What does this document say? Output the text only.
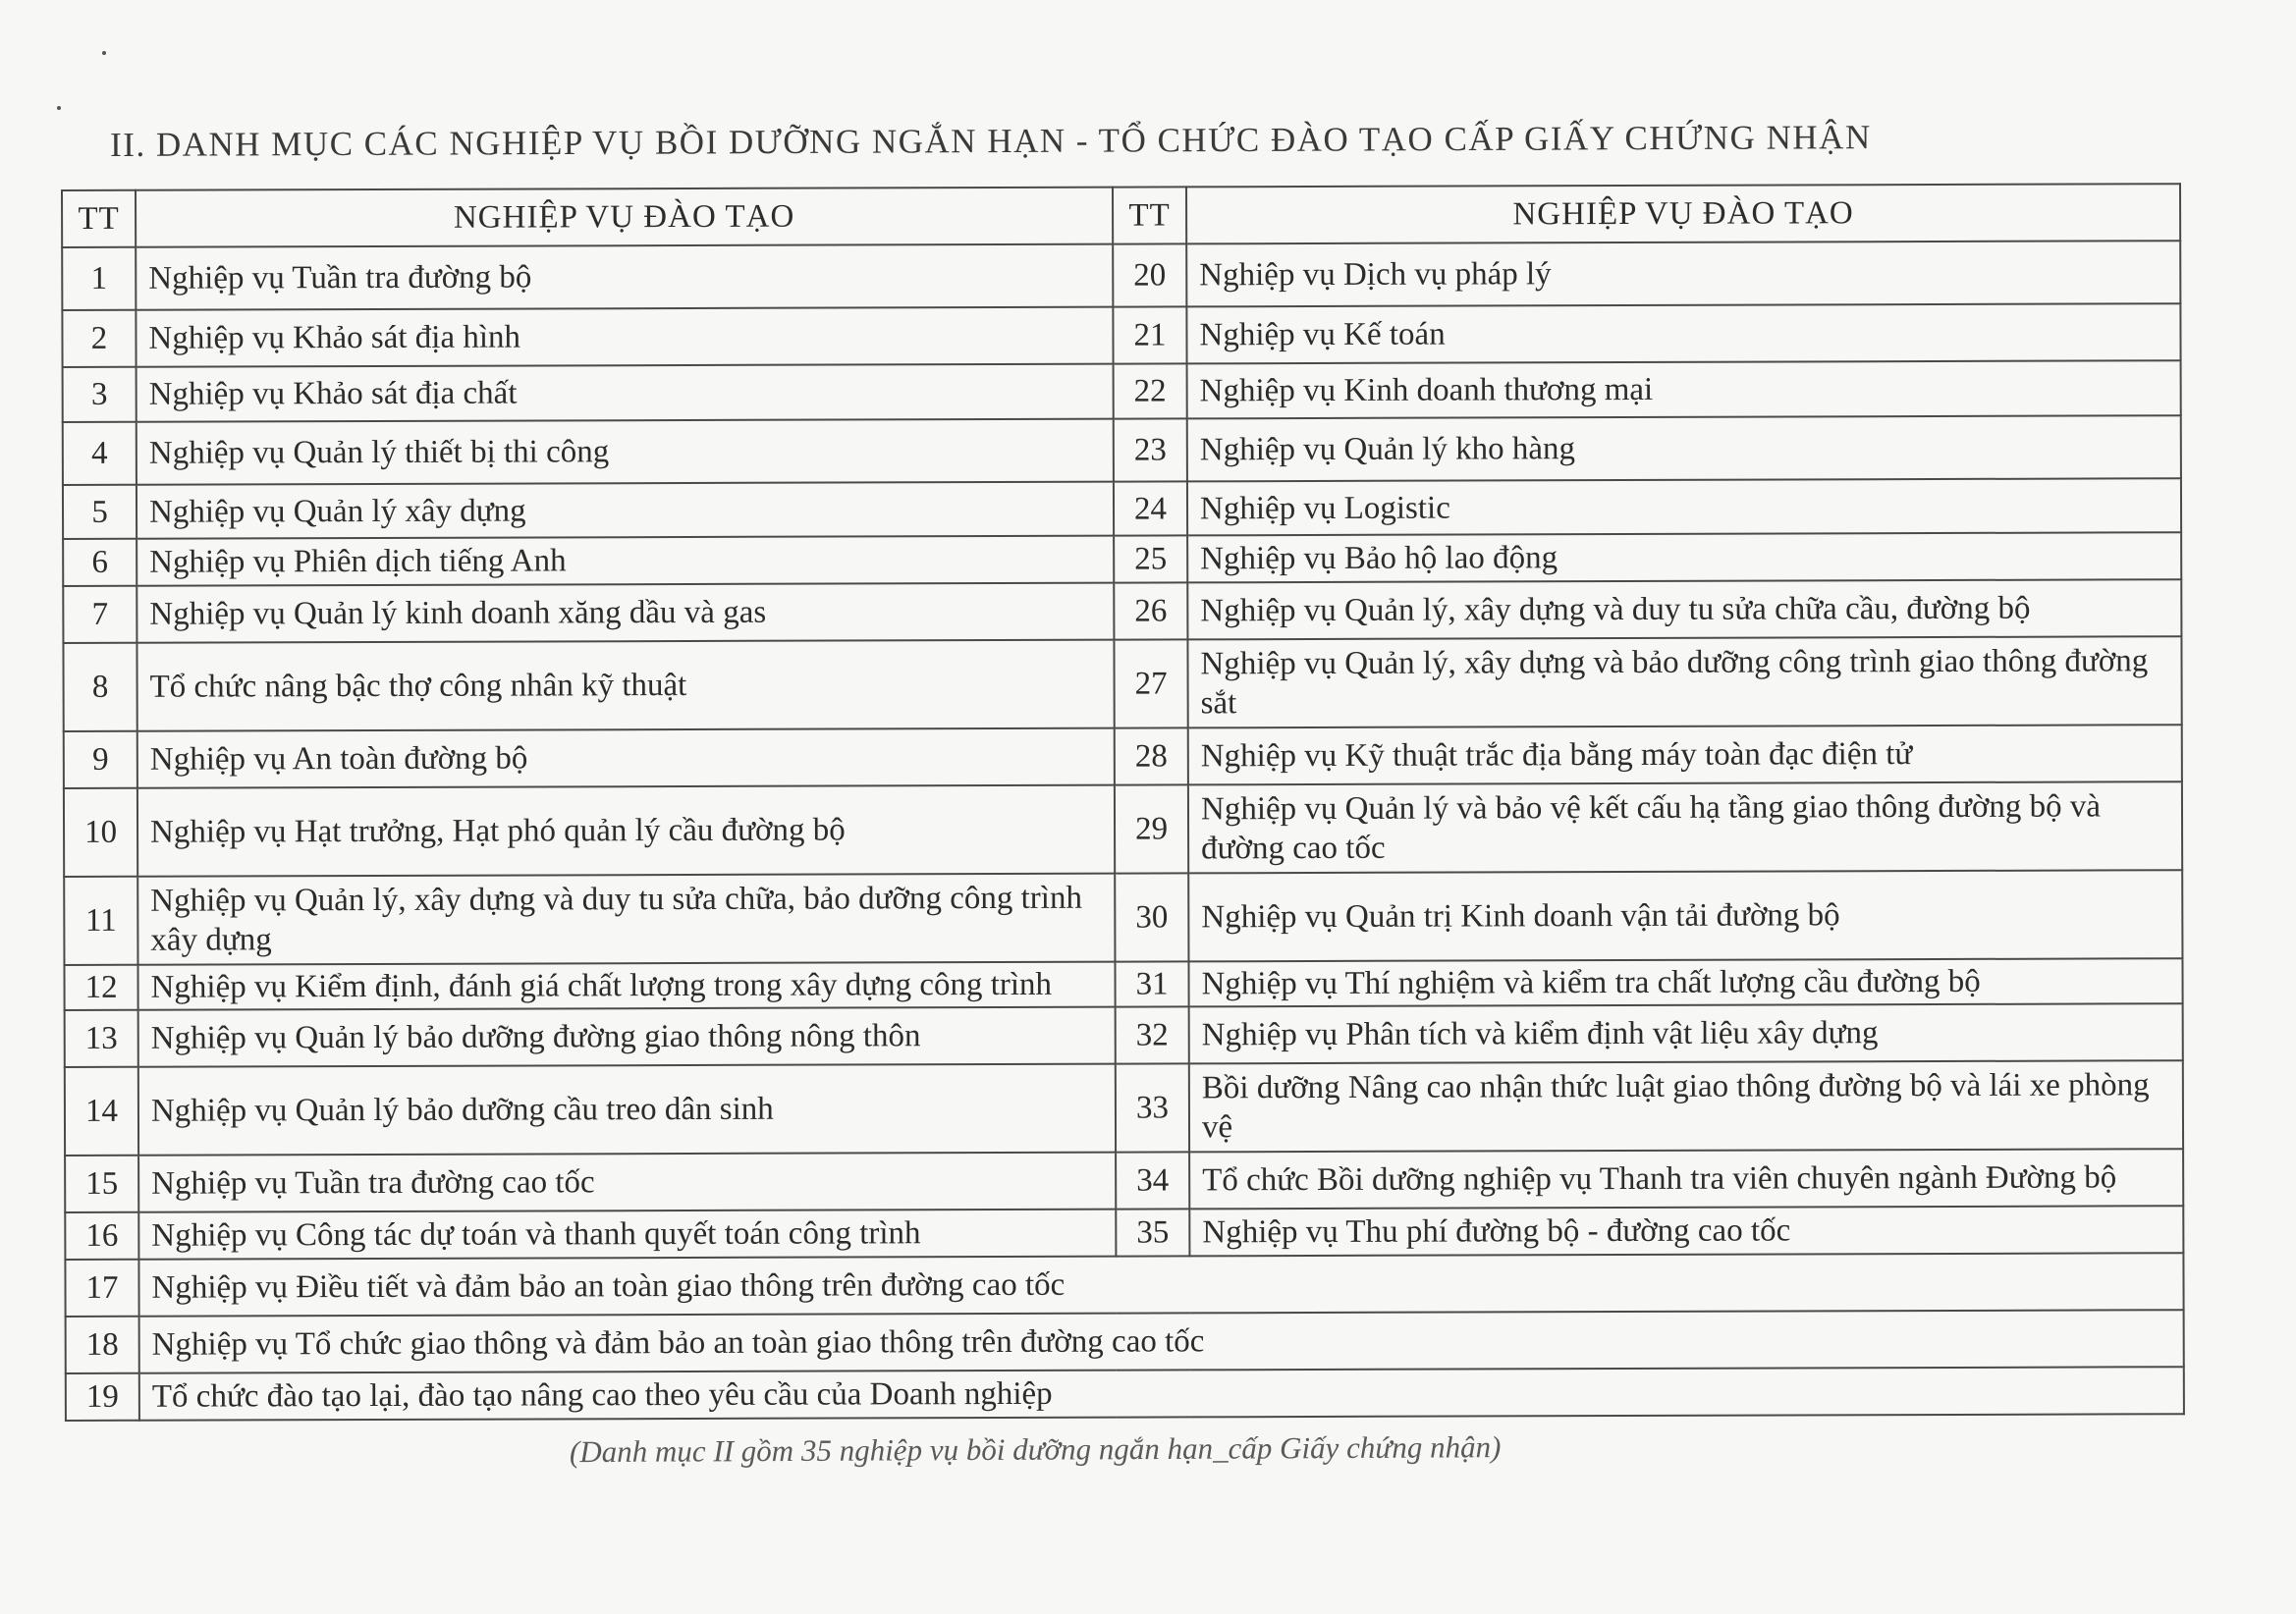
II. DANH MỤC CÁC NGHIỆP VỤ BỒI DƯỠNG NGẮN HẠN - TỔ CHỨC ĐÀO TẠO CẤP GIẤY CHỨNG NHẬN
TT	NGHIỆP VỤ ĐÀO TẠO	TT	NGHIỆP VỤ ĐÀO TẠO
1	Nghiệp vụ Tuần tra đường bộ	20	Nghiệp vụ Dịch vụ pháp lý
2	Nghiệp vụ Khảo sát địa hình	21	Nghiệp vụ Kế toán
3	Nghiệp vụ Khảo sát địa chất	22	Nghiệp vụ Kinh doanh thương mại
4	Nghiệp vụ Quản lý thiết bị thi công	23	Nghiệp vụ Quản lý kho hàng
5	Nghiệp vụ Quản lý xây dựng	24	Nghiệp vụ Logistic
6	Nghiệp vụ Phiên dịch tiếng Anh	25	Nghiệp vụ Bảo hộ lao động
7	Nghiệp vụ Quản lý kinh doanh xăng dầu và gas	26	Nghiệp vụ Quản lý, xây dựng và duy tu sửa chữa cầu, đường bộ
8	Tổ chức nâng bậc thợ công nhân kỹ thuật	27	Nghiệp vụ Quản lý, xây dựng và bảo dưỡng công trình giao thông đường sắt
9	Nghiệp vụ An toàn đường bộ	28	Nghiệp vụ Kỹ thuật trắc địa bằng máy toàn đạc điện tử
10	Nghiệp vụ Hạt trưởng, Hạt phó quản lý cầu đường bộ	29	Nghiệp vụ Quản lý và bảo vệ kết cấu hạ tầng giao thông đường bộ và đường cao tốc
11	Nghiệp vụ Quản lý, xây dựng và duy tu sửa chữa, bảo dưỡng công trình xây dựng	30	Nghiệp vụ Quản trị Kinh doanh vận tải đường bộ
12	Nghiệp vụ Kiểm định, đánh giá chất lượng trong xây dựng công trình	31	Nghiệp vụ Thí nghiệm và kiểm tra chất lượng cầu đường bộ
13	Nghiệp vụ Quản lý bảo dưỡng đường giao thông nông thôn	32	Nghiệp vụ Phân tích và kiểm định vật liệu xây dựng
14	Nghiệp vụ Quản lý bảo dưỡng cầu treo dân sinh	33	Bồi dưỡng Nâng cao nhận thức luật giao thông đường bộ và lái xe phòng vệ
15	Nghiệp vụ Tuần tra đường cao tốc	34	Tổ chức Bồi dưỡng nghiệp vụ Thanh tra viên chuyên ngành Đường bộ
16	Nghiệp vụ Công tác dự toán và thanh quyết toán công trình	35	Nghiệp vụ Thu phí đường bộ - đường cao tốc
17	Nghiệp vụ Điều tiết và đảm bảo an toàn giao thông trên đường cao tốc		
18	Nghiệp vụ Tổ chức giao thông và đảm bảo an toàn giao thông trên đường cao tốc		
19	Tổ chức đào tạo lại, đào tạo nâng cao theo yêu cầu của Doanh nghiệp		
(Danh mục II gồm 35 nghiệp vụ bồi dưỡng ngắn hạn_cấp Giấy chứng nhận)
